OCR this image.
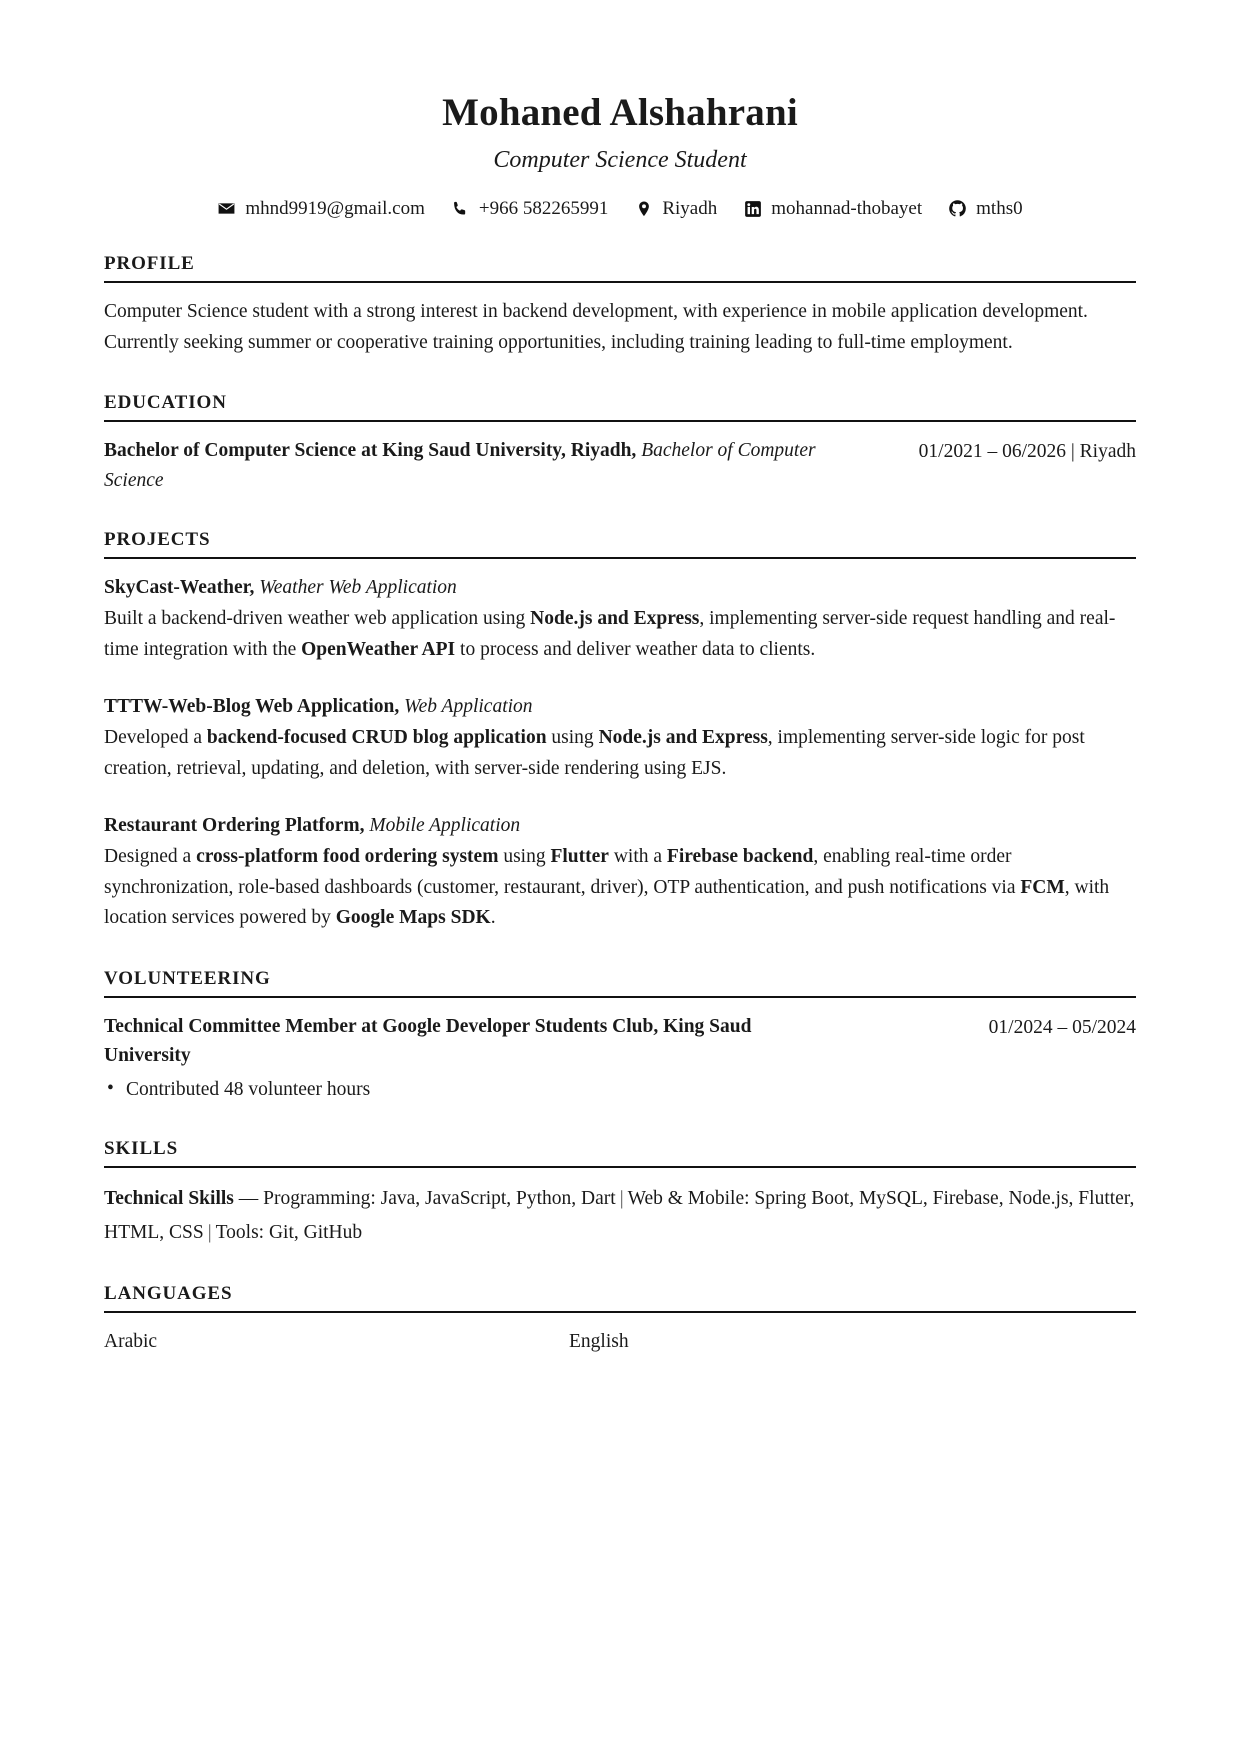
Mohaned Alshahrani
Computer Science Student
mhnd9919@gmail.com	+966 582265991	Riyadh	mohannad-thobayet	mths0
PROFILE

Computer Science student with a strong interest in backend development, with experience in mobile application development. Currently seeking summer or cooperative training opportunities, including training leading to full-time employment.

EDUCATION
Bachelor of Computer Science at King Saud University, Riyadh, Bachelor of Computer Science
01/2021 – 06/2026 | Riyadh
PROJECTS
SkyCast-Weather, Weather Web Application
Built a backend-driven weather web application using Node.js and Express, implementing server-side request handling and real-time integration with the OpenWeather API to process and deliver weather data to clients.
TTTW-Web-Blog Web Application, Web Application
Developed a backend-focused CRUD blog application using Node.js and Express, implementing server-side logic for post creation, retrieval, updating, and deletion, with server-side rendering using EJS.
Restaurant Ordering Platform, Mobile Application
Designed a cross-platform food ordering system using Flutter with a Firebase backend, enabling real-time order synchronization, role-based dashboards (customer, restaurant, driver), OTP authentication, and push notifications via FCM, with location services powered by Google Maps SDK.
VOLUNTEERING
Technical Committee Member at Google Developer Students Club, King Saud University
• Contributed 48 volunteer hours
01/2024 – 05/2024
SKILLS

Technical Skills — Programming: Java, JavaScript, Python, Dart | Web & Mobile: Spring Boot, MySQL, Firebase, Node.js, Flutter, HTML, CSS | Tools: Git, GitHub

LANGUAGES
Arabic	English
